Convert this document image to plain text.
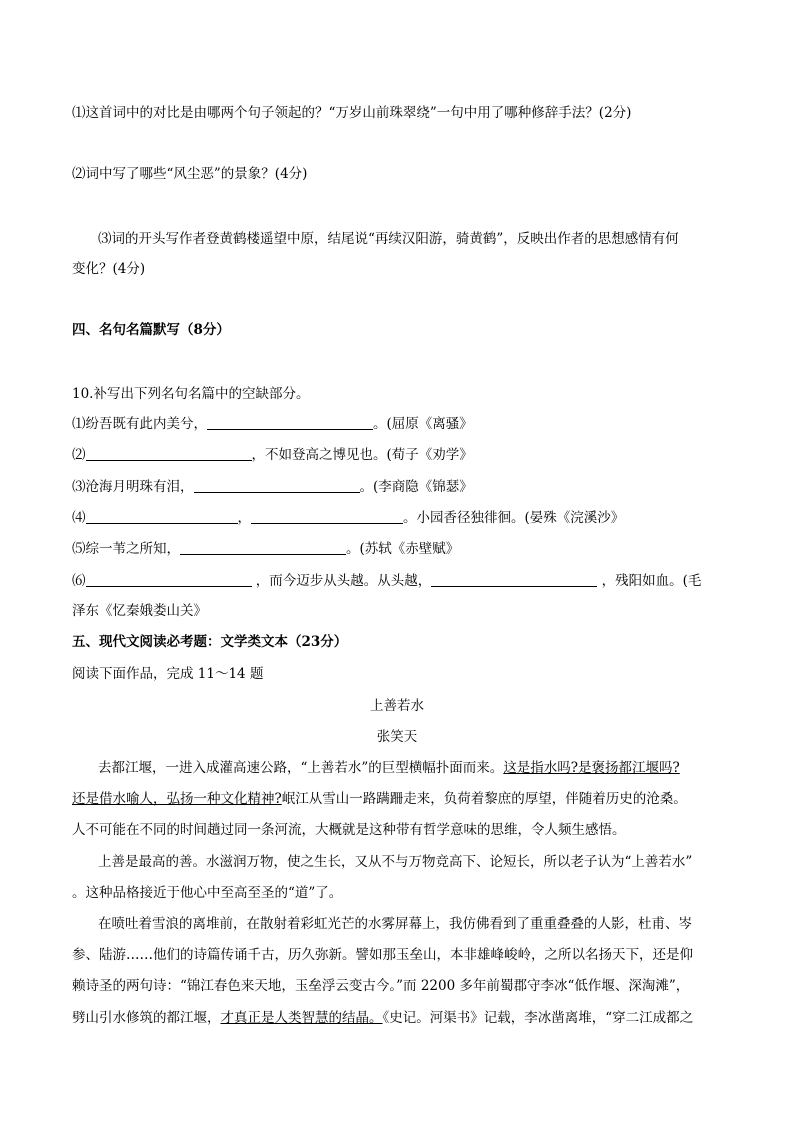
⑴这首词中的对比是由哪两个句子领起的？“万岁山前珠翠绕”一句中用了哪种修辞手法？(2分)
⑵词中写了哪些“风尘恶”的景象？(4分)
⑶词的开头写作者登黄鹤楼遥望中原，结尾说“再续汉阳游，骑黄鹤”，反映出作者的思想感情有何
变化？(4分)
四、名句名篇默写（8分）
10.补写出下列名句名篇中的空缺部分。
⑴纷吾既有此内美兮，	。(屈原《离骚》
⑵	，不如登高之博见也。(荀子《劝学》
⑶沧海月明珠有泪，	。(李商隐《锦瑟》
⑷	，	。小园香径独徘徊。(晏殊《浣溪沙》
⑸综一苇之所知，	。(苏轼《赤壁赋》
⑹	，而今迈步从头越。从头越，	，残阳如血。(毛
泽东《忆秦娥娄山关》
五、现代文阅读必考题：文学类文本（23分）
阅读下面作品，完成 11～14 题
上善若水
张笑天
去都江堰，一进入成灌高速公路，“上善若水”的巨型横幅扑面而来。这是指水吗?是褒扬都江堰吗?
还是借水喻人，弘扬一种文化精神?岷江从雪山一路蹒跚走来，负荷着黎庶的厚望，伴随着历史的沧桑。
人不可能在不同的时间趟过同一条河流，大概就是这种带有哲学意味的思维，令人频生感悟。
上善是最高的善。水滋润万物，使之生长，又从不与万物竞高下、论短长，所以老子认为“上善若水”
。这种品格接近于他心中至高至圣的“道”了。
在喷吐着雪浪的离堆前，在散射着彩虹光芒的水雾屏幕上，我仿佛看到了重重叠叠的人影，杜甫、岑
参、陆游……他们的诗篇传诵千古，历久弥新。譬如那玉垒山，本非雄峰峻岭，之所以名扬天下，还是仰
赖诗圣的两句诗：“锦江春色来天地，玉垒浮云变古今。”而 2200 多年前蜀郡守李冰“低作堰、深淘滩”，
劈山引水修筑的都江堰，才真正是人类智慧的结晶。《史记。河渠书》记载，李冰凿离堆，“穿二江成都之
